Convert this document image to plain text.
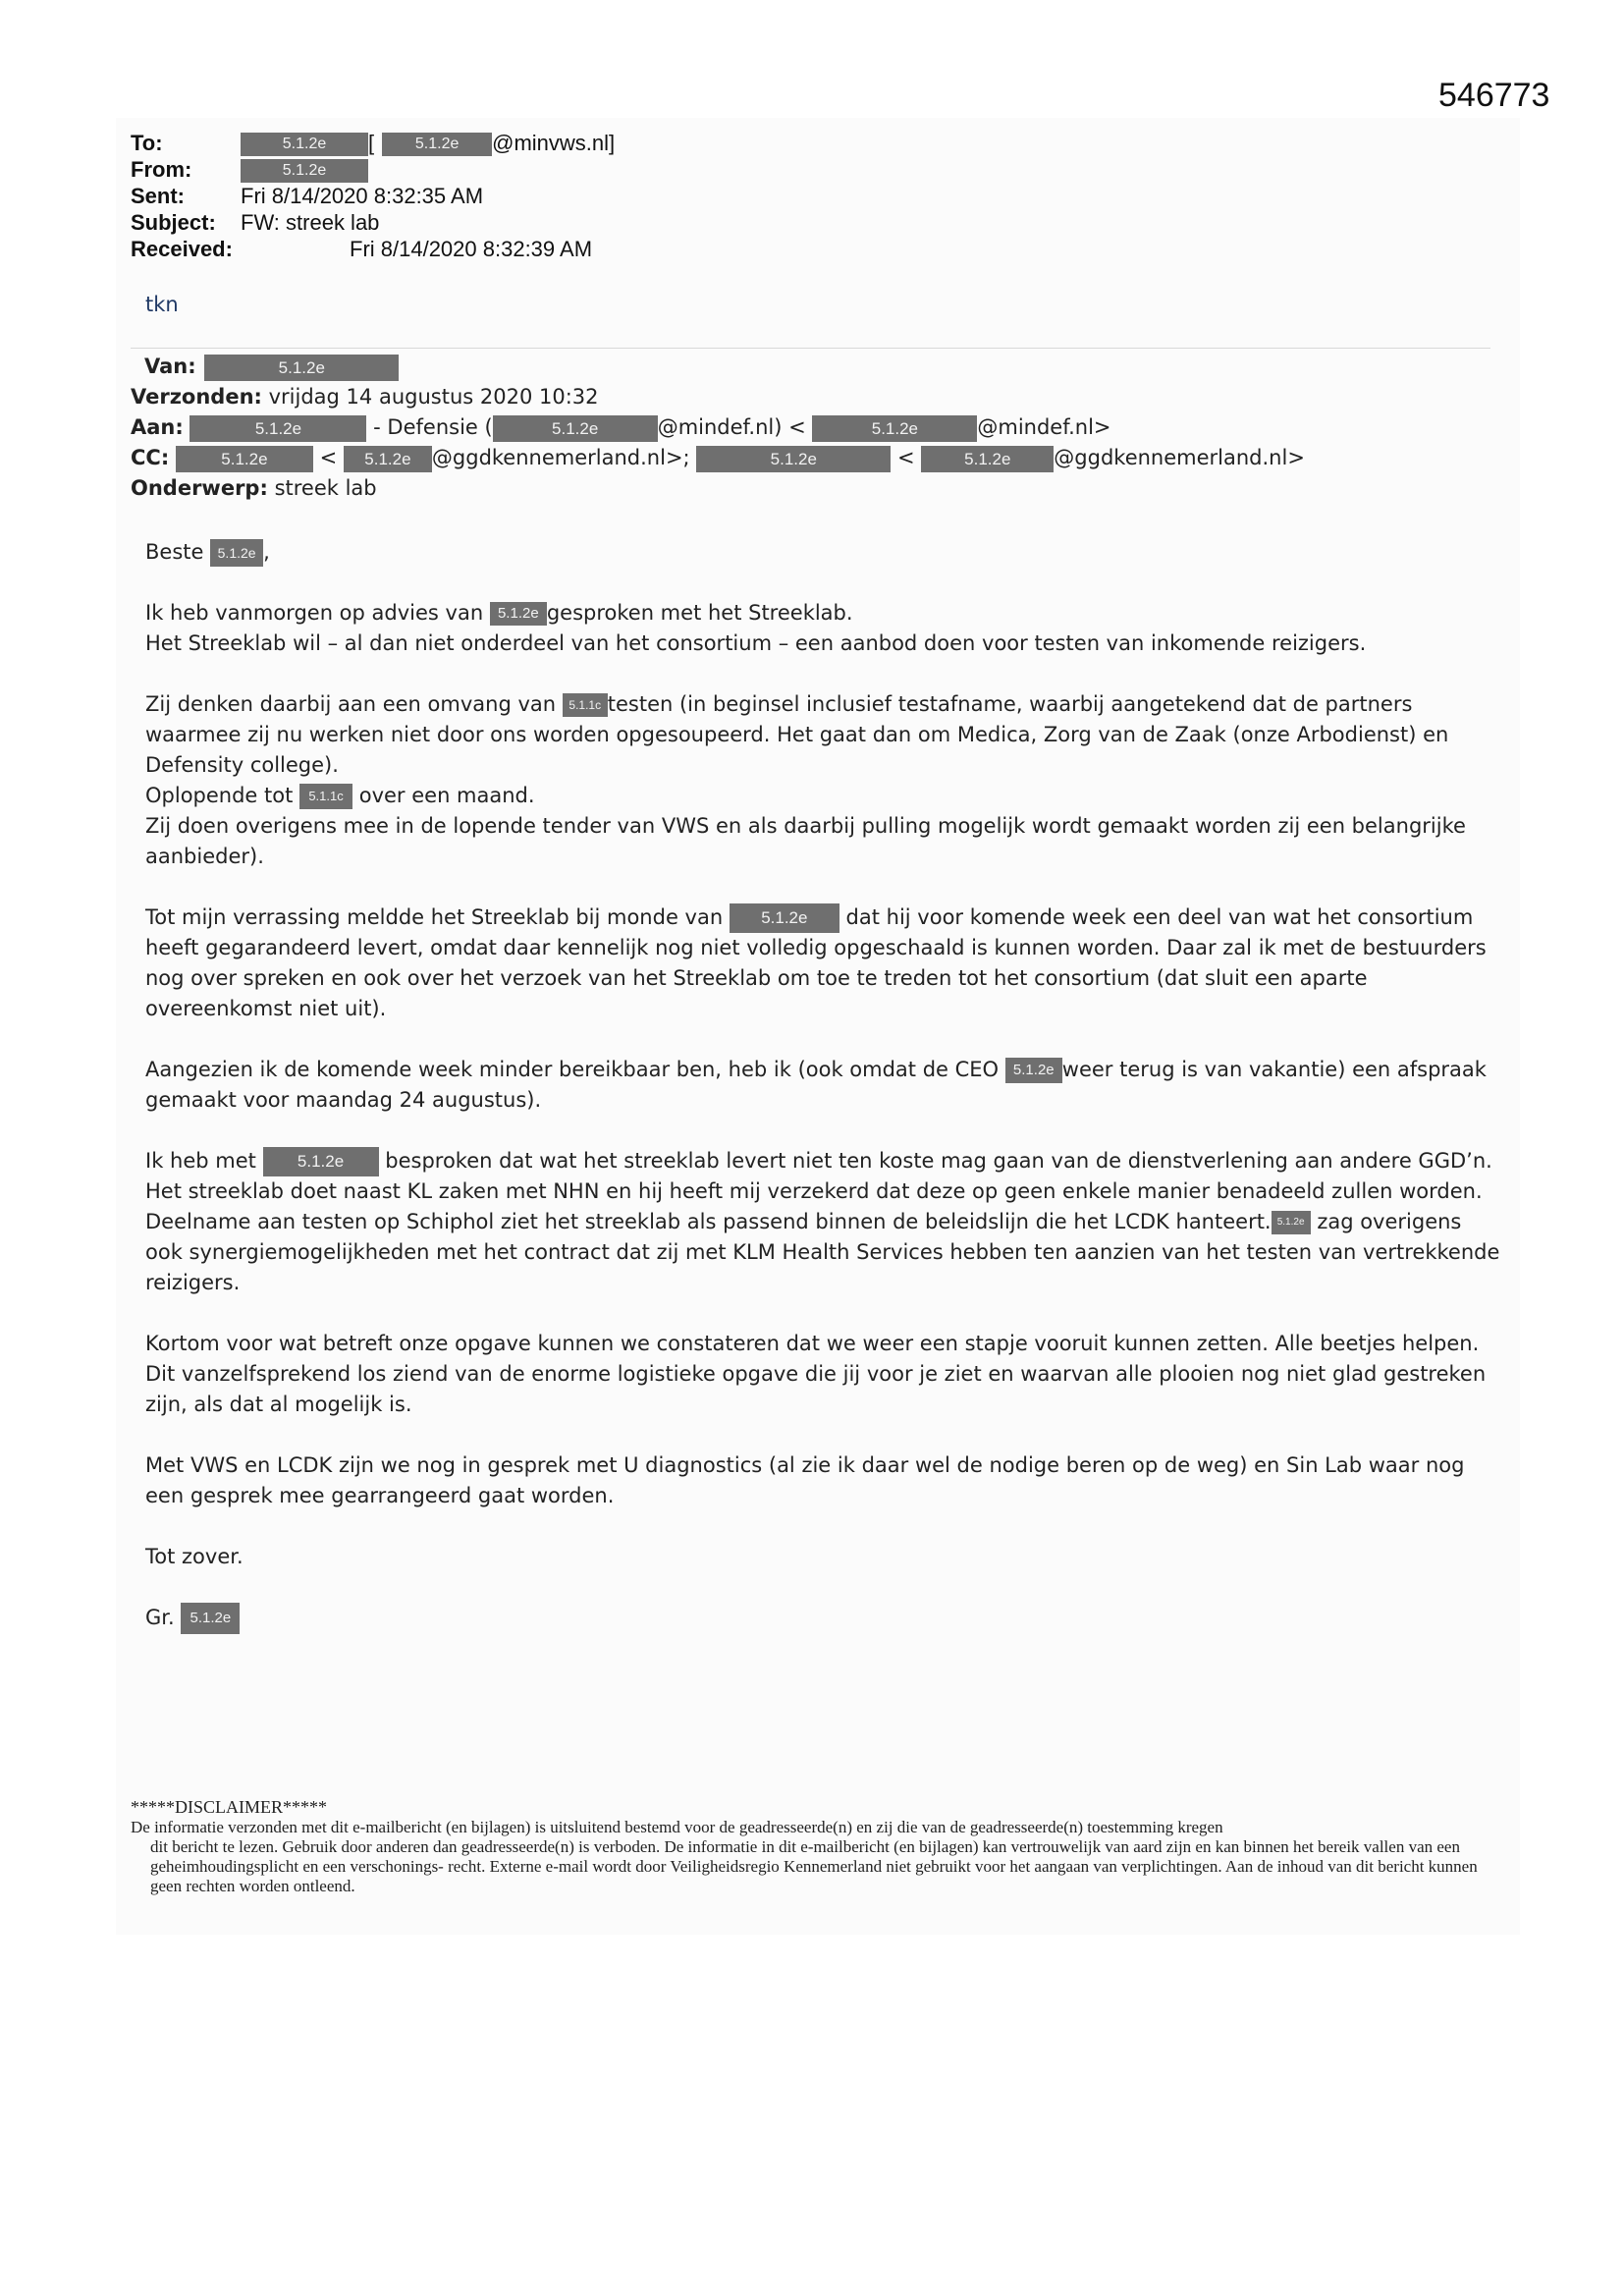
546773
To:	5.1.2e [	5.1.2e @minvws.nl]
From:	5.1.2e
Sent:	Fri 8/14/2020 8:32:35 AM
Subject: FW: streek lab
Received:	Fri 8/14/2020 8:32:39 AM
tkn
Van:	5.1.2e
Verzonden: vrijdag 14 augustus 2020 10:32
Aan:	5.1.2e	- Defensie (	5.1.2e	@mindef.nl) <	5.1.2e	@mindef.nl>
CC:	5.1.2e	< 5.1.2e @ggdkennemerland.nl>;	5.1.2e	<	5.1.2e @ggdkennemerland.nl>
Onderwerp: streek lab

Beste 5.1.2e ,

Ik heb vanmorgen op advies van 5.1.2e gesproken met het Streeklab.
Het Streeklab wil – al dan niet onderdeel van het consortium – een aanbod doen voor testen van inkomende reizigers.

Zij denken daarbij aan een omvang van 5.1.1c testen (in beginsel inclusief testafname, waarbij aangetekend dat de partners waarmee zij nu werken niet door ons worden opgesoupeerd. Het gaat dan om Medica, Zorg van de Zaak (onze Arbodienst) en Defensity college).
Oplopende tot 5.1.1c over een maand.
Zij doen overigens mee in de lopende tender van VWS en als daarbij pulling mogelijk wordt gemaakt worden zij een belangrijke aanbieder).

Tot mijn verrassing meldde het Streeklab bij monde van 5.1.2e dat hij voor komende week een deel van wat het consortium heeft gegarandeerd levert, omdat daar kennelijk nog niet volledig opgeschaald is kunnen worden. Daar zal ik met de bestuurders nog over spreken en ook over het verzoek van het Streeklab om toe te treden tot het consortium (dat sluit een aparte overeenkomst niet uit).

Aangezien ik de komende week minder bereikbaar ben, heb ik (ook omdat de CEO 5.1.2e weer terug is van vakantie) een afspraak gemaakt voor maandag 24 augustus).

Ik heb met 5.1.2e besproken dat wat het streeklab levert niet ten koste mag gaan van de dienstverlening aan andere GGD’n.
Het streeklab doet naast KL zaken met NHN en hij heeft mij verzekerd dat deze op geen enkele manier benadeeld zullen worden.
Deelname aan testen op Schiphol ziet het streeklab als passend binnen de beleidslijn die het LCDK hanteert. 5.1.2e zag overigens ook synergiemogelijkheden met het contract dat zij met KLM Health Services hebben ten aanzien van het testen van vertrekkende reizigers.

Kortom voor wat betreft onze opgave kunnen we constateren dat we weer een stapje vooruit kunnen zetten. Alle beetjes helpen. Dit vanzelfsprekend los ziend van de enorme logistieke opgave die jij voor je ziet en waarvan alle plooien nog niet glad gestreken zijn, als dat al mogelijk is.

Met VWS en LCDK zijn we nog in gesprek met U diagnostics (al zie ik daar wel de nodige beren op de weg) en Sin Lab waar nog een gesprek mee gearrangeerd gaat worden.

Tot zover.

Gr. 5.1.2e

*****DISCLAIMER*****
De informatie verzonden met dit e-mailbericht (en bijlagen) is uitsluitend bestemd voor de geadresseerde(n) en zij die van de geadresseerde(n) toestemming kregen
dit bericht te lezen. Gebruik door anderen dan geadresseerde(n) is verboden. De informatie in dit e-mailbericht (en bijlagen) kan vertrouwelijk van aard zijn en kan binnen het bereik vallen van een geheimhoudingsplicht en een verschonings- recht. Externe e-mail wordt door Veiligheidsregio Kennemerland niet gebruikt voor het aangaan van verplichtingen. Aan de inhoud van dit bericht kunnen geen rechten worden ontleend.
